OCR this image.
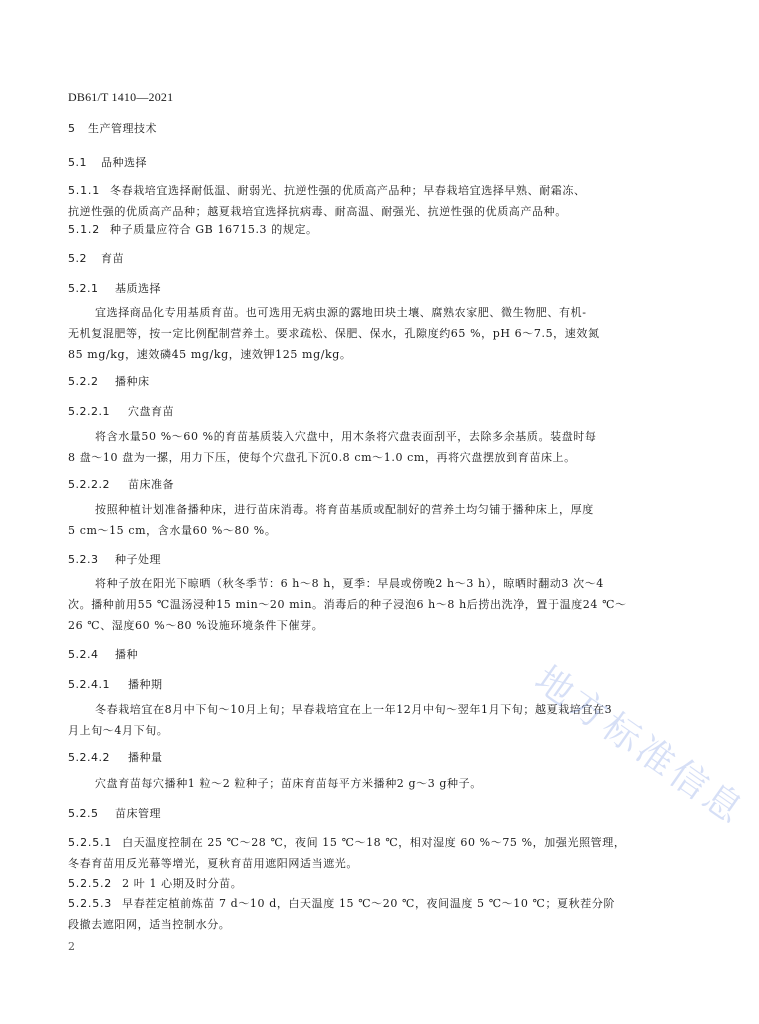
DB61/T 1410—2021
5 生产管理技术
5.1 品种选择
5.1.1 冬春栽培宜选择耐低温、耐弱光、抗逆性强的优质高产品种；早春栽培宜选择早熟、耐霜冻、
抗逆性强的优质高产品种；越夏栽培宜选择抗病毒、耐高温、耐强光、抗逆性强的优质高产品种。
5.1.2 种子质量应符合 GB 16715.3 的规定。
5.2 育苗
5.2.1 基质选择
宜选择商品化专用基质育苗。也可选用无病虫源的露地田块土壤、腐熟农家肥、微生物肥、有机-
无机复混肥等，按一定比例配制营养土。要求疏松、保肥、保水，孔隙度约65 %，pH 6～7.5，速效氮
85 mg/kg，速效磷45 mg/kg，速效钾125 mg/kg。
5.2.2 播种床
5.2.2.1 穴盘育苗
将含水量50 %～60 %的育苗基质装入穴盘中，用木条将穴盘表面刮平，去除多余基质。装盘时每
8 盘～10 盘为一摞，用力下压，使每个穴盘孔下沉0.8 cm～1.0 cm，再将穴盘摆放到育苗床上。
5.2.2.2 苗床准备
按照种植计划准备播种床，进行苗床消毒。将育苗基质或配制好的营养土均匀铺于播种床上，厚度
5 cm～15 cm，含水量60 %～80 %。
5.2.3 种子处理
将种子放在阳光下晾晒（秋冬季节：6 h～8 h，夏季：早晨或傍晚2 h～3 h），晾晒时翻动3 次～4
次。播种前用55 ℃温汤浸种15 min～20 min。消毒后的种子浸泡6 h～8 h后捞出洗净，置于温度24 ℃～
26 ℃、湿度60 %～80 %设施环境条件下催芽。
5.2.4 播种
5.2.4.1 播种期
冬春栽培宜在8月中下旬～10月上旬；早春栽培宜在上一年12月中旬～翌年1月下旬；越夏栽培宜在3
月上旬～4月下旬。
5.2.4.2 播种量
穴盘育苗每穴播种1 粒～2 粒种子；苗床育苗每平方米播种2 g～3 g种子。
5.2.5 苗床管理
5.2.5.1 白天温度控制在 25 ℃～28 ℃，夜间 15 ℃～18 ℃，相对湿度 60 %～75 %，加强光照管理，
冬春育苗用反光幕等增光，夏秋育苗用遮阳网适当遮光。
5.2.5.2 2 叶 1 心期及时分苗。
5.2.5.3 早春茬定植前炼苗 7 d～10 d，白天温度 15 ℃～20 ℃，夜间温度 5 ℃～10 ℃；夏秋茬分阶
段撤去遮阳网，适当控制水分。
2
地方标准信息
